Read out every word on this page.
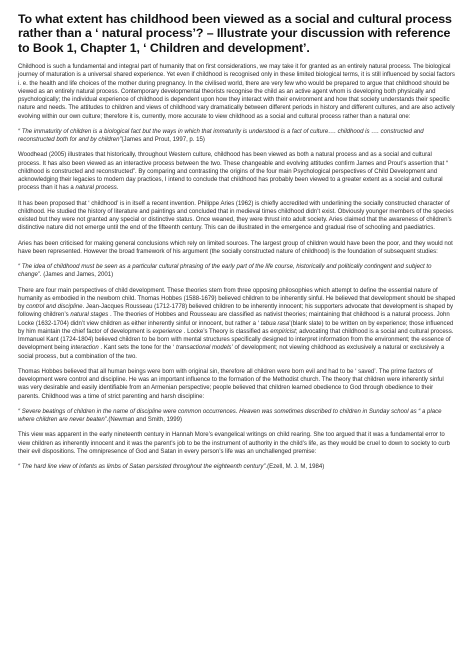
To what extent has childhood been viewed as a social and cultural process rather than a ‘ natural process’? – Illustrate your discussion with reference to Book 1, Chapter 1, ‘ Children and development’.

Childhood is such a fundamental and integral part of humanity that on first considerations, we may take it for granted as an entirely natural process. The biological journey of maturation is a universal shared experience. Yet even if childhood is recognised only in these limited biological terms, it is still influenced by social factors i. e. the health and life choices of the mother during pregnancy. In the civilised world, there are very few who would be prepared to argue that childhood should be viewed as an entirely natural process. Contemporary developmental theorists recognise the child as an active agent whom is developing both physically and psychologically; the individual experience of childhood is dependent upon how they interact with their environment and how that society understands their specific nature and needs. The attitudes to children and views of childhood vary dramatically between different periods in history and different cultures, and are also actively evolving within our own culture; therefore it is, currently, more accurate to view childhood as a social and cultural process rather than a natural one:

“ The immaturity of children is a biological fact but the ways in which that immaturity is understood is a fact of culture…. childhood is …. constructed and reconstructed both for and by children”(James and Prout, 1997, p. 15)

Woodhead (2005) illustrates that historically, throughout Western culture, childhood has been viewed as both a natural process and as a social and cultural process. It has also been viewed as an interactive process between the two. These changeable and evolving attitudes confirm James and Prout’s assertion that “ childhood is constructed and reconstructed”. By comparing and contrasting the origins of the four main Psychological perspectives of Child Development and acknowledging their legacies to modern day practices, I intend to conclude that childhood has probably been viewed to a greater extent as a social and cultural process than it has a natural process.

It has been proposed that ‘ childhood’ is in itself a recent invention. Philippe Aries (1962) is chiefly accredited with underlining the socially constructed character of childhood. He studied the history of literature and paintings and concluded that in medieval times childhood didn’t exist. Obviously younger members of the species existed but they were not granted any special or distinctive status. Once weaned, they were thrust into adult society. Aries claimed that the awareness of children’s distinctive nature did not emerge until the end of the fifteenth century. This can de illustrated in the emergence and gradual rise of schooling and paediatrics.

Aries has been criticised for making general conclusions which rely on limited sources. The largest group of children would have been the poor, and they would not have been represented. However the broad framework of his argument (the socially constructed nature of childhood) is the foundation of subsequent studies:

“ The idea of childhood must be seen as a particular cultural phrasing of the early part of the life course, historically and politically contingent and subject to change”. (James and James, 2001)

There are four main perspectives of child development. These theories stem from three opposing philosophies which attempt to define the essential nature of humanity as embodied in the newborn child. Thomas Hobbes (1588-1679) believed children to be inherently sinful. He believed that development should be shaped by control and discipline. Jean-Jacques Rousseau (1712-1778) believed children to be inherently innocent; his supporters advocate that development is shaped by following children’s natural stages . The theories of Hobbes and Rousseau are classified as nativist theories; maintaining that childhood is a natural process. John Locke (1632-1704) didn’t view children as either inherently sinful or innocent, but rather a ‘ tabua rasa’(blank slate) to be written on by experience; those influenced by him maintain the chief factor of development is experience . Locke’s Theory is classified as empiricist; advocating that childhood is a social and cultural process. Immanuel Kant (1724-1804) believed children to be born with mental structures specifically designed to interpret information from the environment; the essence of development being interaction . Kant sets the tone for the ‘ transactional models’ of development; not viewing childhood as exclusively a natural or exclusively a social process, but a combination of the two.

Thomas Hobbes believed that all human beings were born with original sin, therefore all children were born evil and had to be ‘ saved’. The prime factors of development were control and discipline. He was an important influence to the formation of the Methodist church. The theory that children were inherently sinful was very desirable and easily identifiable from an Armenian perspective; people believed that children learned obedience to God through obedience to their parents. Childhood was a time of strict parenting and harsh discipline:

“ Severe beatings of children in the name of discipline were common occurrences. Heaven was sometimes described to children in Sunday school as “ a place where children are never beaten”.(Newman and Smith, 1999)

This view was apparent in the early nineteenth century in Hannah More’s evangelical writings on child rearing. She too argued that it was a fundamental error to view children as inherently innocent and it was the parent’s job to be the instrument of authority in the child’s life, as they would be cruel to down to society to curb their evil dispositions. The omnipresence of God and Satan in every person’s life was an unchallenged premise:

“ The hard line view of infants as limbs of Satan persisted throughout the eighteenth century”.(Ezell, M. J. M, 1984)
